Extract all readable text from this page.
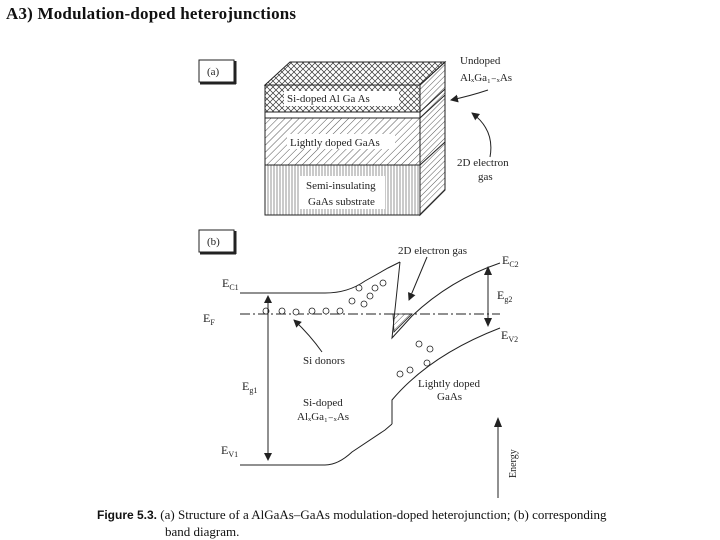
A3) Modulation-doped heterojunctions
(a)
Si-doped Al Ga As
Lightly doped GaAs
Semi-insulating
GaAs substrate
Undoped
AlₓGa₁₋ₓAs
2D electron
gas
(b)
$E_{C1}$
$E_F$
$E_{g1}$
$E_{V1}$
$E_{C2}$
$E_{g2}$
$E_{V2}$
2D electron gas
Si donors
Si-doped
AlₓGa₁₋ₓAs
Lightly doped
GaAs
Energy
Figure 5.3. (a) Structure of a AlGaAs–GaAs modulation-doped heterojunction; (b) corresponding
band diagram.
